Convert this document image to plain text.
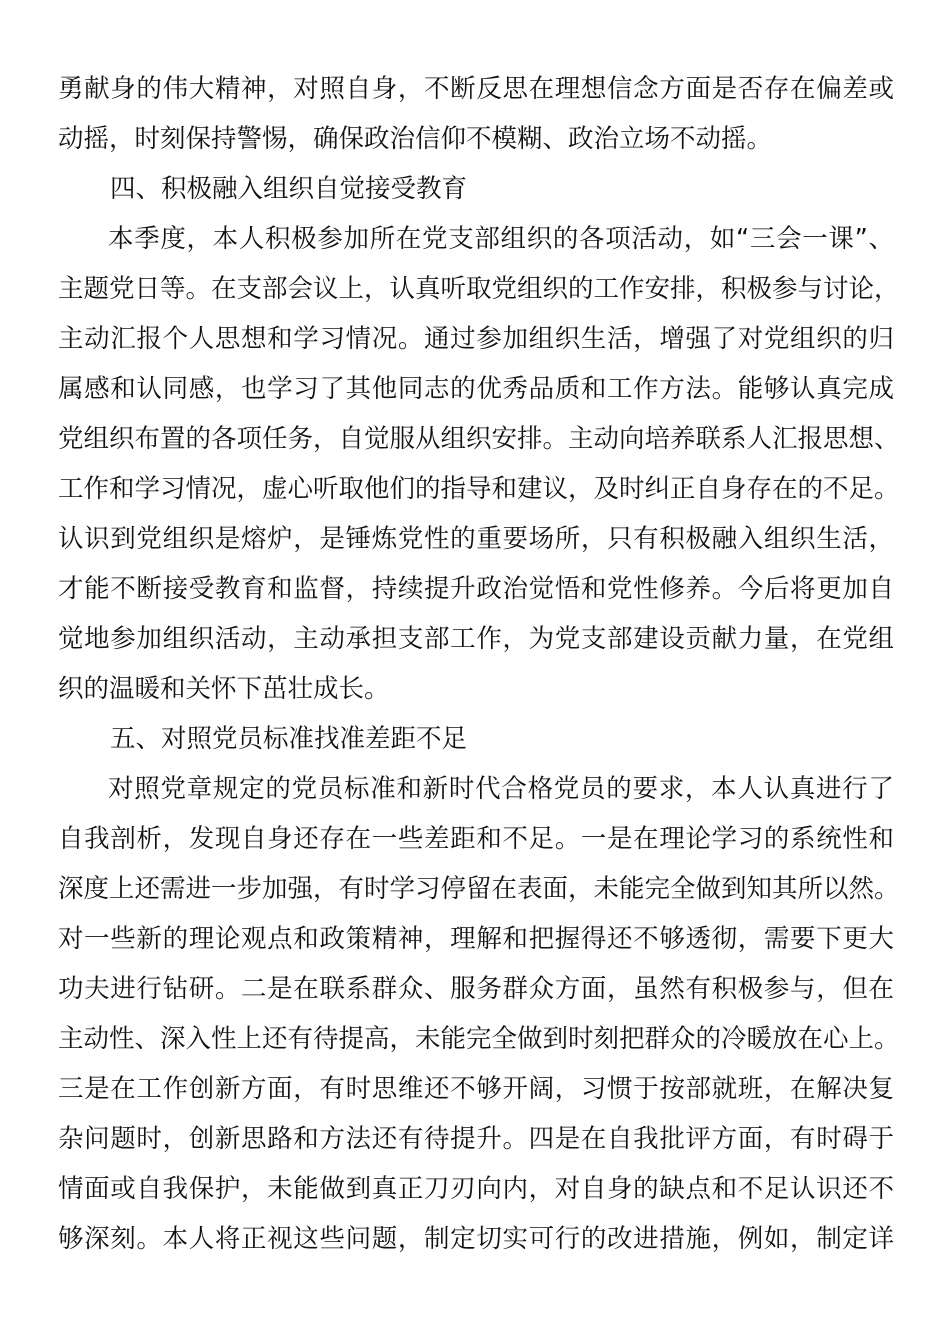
勇献身的伟大精神，对照自身，不断反思在理想信念方面是否存在偏差或
动摇，时刻保持警惕，确保政治信仰不模糊、政治立场不动摇。
四、积极融入组织自觉接受教育
本季度，本人积极参加所在党支部组织的各项活动，如“三会一课”、
主题党日等。在支部会议上，认真听取党组织的工作安排，积极参与讨论，
主动汇报个人思想和学习情况。通过参加组织生活，增强了对党组织的归
属感和认同感，也学习了其他同志的优秀品质和工作方法。能够认真完成
党组织布置的各项任务，自觉服从组织安排。主动向培养联系人汇报思想、
工作和学习情况，虚心听取他们的指导和建议，及时纠正自身存在的不足。
认识到党组织是熔炉，是锤炼党性的重要场所，只有积极融入组织生活，
才能不断接受教育和监督，持续提升政治觉悟和党性修养。今后将更加自
觉地参加组织活动，主动承担支部工作，为党支部建设贡献力量，在党组
织的温暖和关怀下茁壮成长。
五、对照党员标准找准差距不足
对照党章规定的党员标准和新时代合格党员的要求，本人认真进行了
自我剖析，发现自身还存在一些差距和不足。一是在理论学习的系统性和
深度上还需进一步加强，有时学习停留在表面，未能完全做到知其所以然。
对一些新的理论观点和政策精神，理解和把握得还不够透彻，需要下更大
功夫进行钻研。二是在联系群众、服务群众方面，虽然有积极参与，但在
主动性、深入性上还有待提高，未能完全做到时刻把群众的冷暖放在心上。
三是在工作创新方面，有时思维还不够开阔，习惯于按部就班，在解决复
杂问题时，创新思路和方法还有待提升。四是在自我批评方面，有时碍于
情面或自我保护，未能做到真正刀刃向内，对自身的缺点和不足认识还不
够深刻。本人将正视这些问题，制定切实可行的改进措施，例如，制定详
